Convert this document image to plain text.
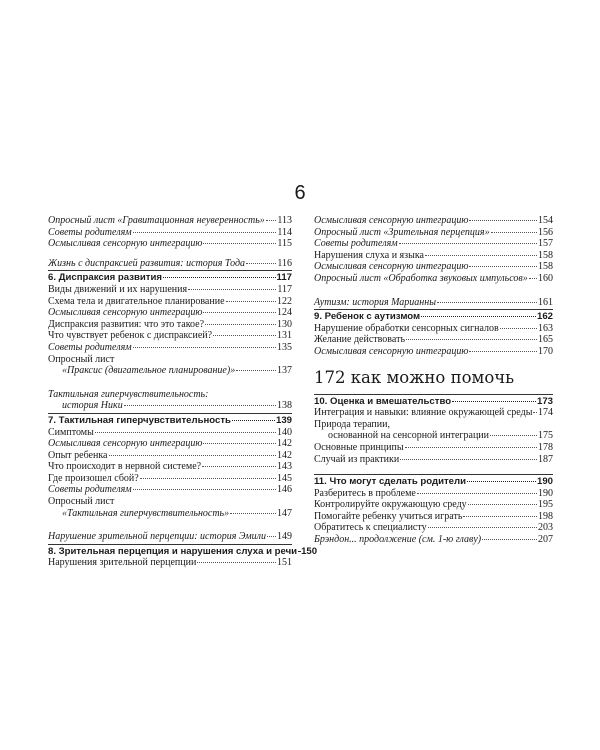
6
Опросный лист «Гравитационная неуверенность» 113
Советы родителям	114
Осмысливая сенсорную интеграцию	115
Жизнь с диспраксией развития: история Тода	116
6. Диспраксия развития	117
Виды движений и их нарушения	117
Схема тела и двигательное планирование	122
Осмысливая сенсорную интеграцию	124
Диспраксия развития: что это такое?	130
Что чувствует ребенок с диспраксией?	131
Советы родителям	135
Опросный лист
«Праксис (двигательное планирование)»	137
Тактильная гиперчувствительность:
история Ники	138
7. Тактильная гиперчувствительность	139
Симптомы	140
Осмысливая сенсорную интеграцию	142
Опыт ребенка	142
Что происходит в нервной системе?	143
Где произошел сбой?	145
Советы родителям	146
Опросный лист
«Тактильная гиперчувствительность»	147
Нарушение зрительной перцепции: история Эмили 149
8. Зрительная перцепция и нарушения слуха и речи 150
Нарушения зрительной перцепции	151
Осмысливая сенсорную интеграцию	154
Опросный лист «Зрительная перцепция»	156
Советы родителям	157
Нарушения слуха и языка	158
Осмысливая сенсорную интеграцию	158
Опросный лист «Обработка звуковых импульсов» 160
Аутизм: история Марианны	161
9. Ребенок с аутизмом	162
Нарушение обработки сенсорных сигналов	163
Желание действовать	165
Осмысливая сенсорную интеграцию	170
172 как можно помочь
10. Оценка и вмешательство	173
Интеграция и навыки: влияние окружающей среды 174
Природа терапии,
основанной на сенсорной интеграции	175
Основные принципы	178
Случай из практики	187
11. Что могут сделать родители	190
Разберитесь в проблеме	190
Контролируйте окружающую среду	195
Помогайте ребенку учиться играть	198
Обратитесь к специалисту	203
Брэндон... продолжение (см. 1-ю главу)	207
